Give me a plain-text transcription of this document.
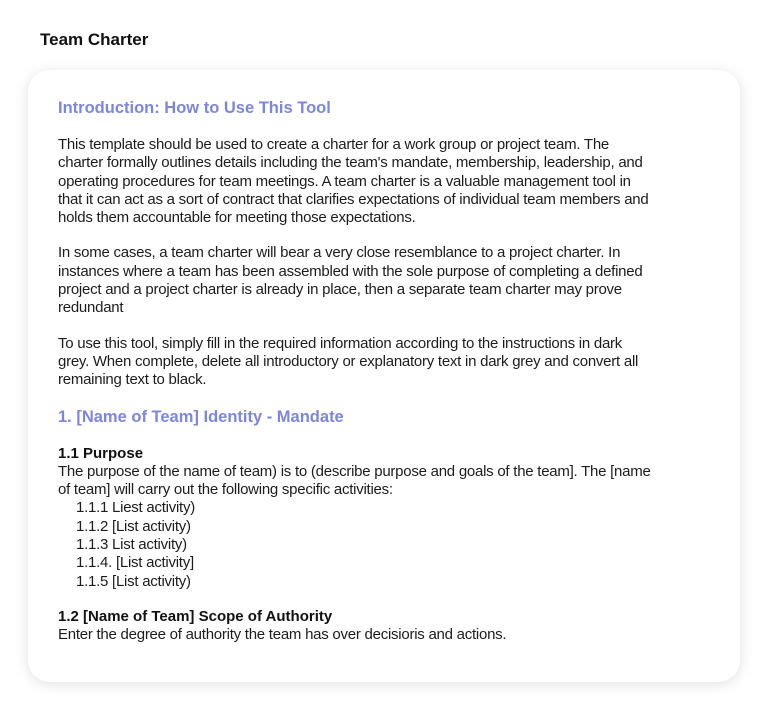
Team Charter
Introduction: How to Use This Tool
This template should be used to create a charter for a work group or project team. The
charter formally outlines details including the team's mandate, membership, leadership, and
operating procedures for team meetings. A team charter is a valuable management tool in
that it can act as a sort of contract that clarifies expectations of individual team members and
holds them accountable for meeting those expectations.
In some cases, a team charter will bear a very close resemblance to a project charter. In
instances where a team has been assembled with the sole purpose of completing a defined
project and a project charter is already in place, then a separate team charter may prove
redundant
To use this tool, simply fill in the required information according to the instructions in dark
grey. When complete, delete all introductory or explanatory text in dark grey and convert all
remaining text to black.
1. [Name of Team] Identity - Mandate
1.1 Purpose
The purpose of the name of team) is to (describe purpose and goals of the team]. The [name
of team] will carry out the following specific activities:
1.1.1 Liest activity)
1.1.2 [List activity)
1.1.3 List activity)
1.1.4. [List activity]
1.1.5 [List activity)
1.2 [Name of Team] Scope of Authority
Enter the degree of authority the team has over decisioris and actions.
